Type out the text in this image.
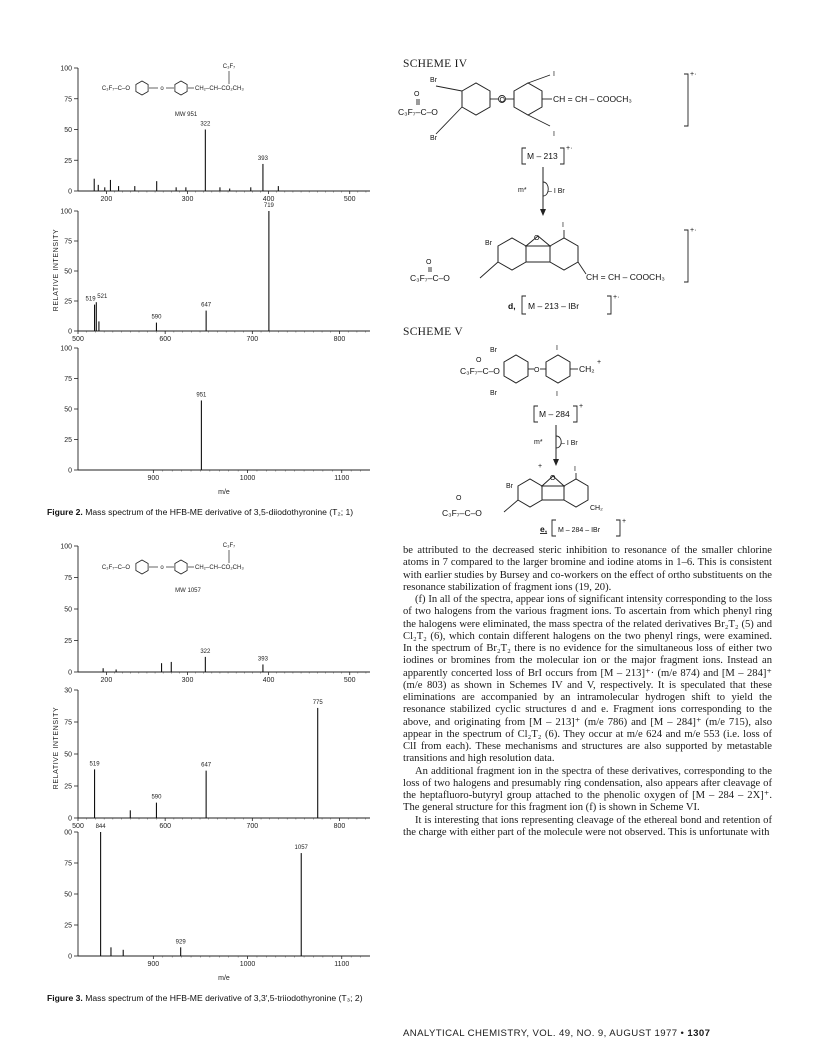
100
75
50
25
0
200	300	400	500
322
393
100
75
50
25
0
500	600	700	800
719
519 521
590
647
100
75
50
25
0
900	1000	1100
951
RELATIVE INTENSITY
m/e
MW 951
C₃F₇–C–O	o	CH₂–CH–CO₂CH₃
C₃F₇
Figure 2. Mass spectrum of the HFB-ME derivative of 3,5-diiodothyronine (T₂; 1)
100
75
50
25
0
200	300	400	500
322
393
30
75
50
25
0
500	600	700	800
775
519
590
647
00
75
50
25
0
900	1000	1100
844
1057
929
RELATIVE INTENSITY
m/e
MW 1057
C₃F₇–C–O	o	CH₂–CH–CO₂CH₃
C₃F₇
Figure 3. Mass spectrum of the HFB-ME derivative of 3,3′,5-triiodothyronine (T₃; 2)
SCHEME IV
Br
Br
O
C₃F₇–C–O
O
I
I
CH = CH – COOCH₃
+·
M – 213
+·
m*	– I Br
Br
O
I
O
C₃F₇–C–O	CH = CH – COOCH₃
+·
d, M – 213 – IBr
+·
SCHEME V
Br
Br
O
C₃F₇–C–O	O
I
I
CH₂
+
M – 284
+
m*	– I Br
+
Br
O
I
CH₂
O
C₃F₇–C–O
e, M – 284 – IBr
+

be attributed to the decreased steric inhibition to resonance of the smaller chlorine atoms in 7 compared to the larger bromine and iodine atoms in 1–6. This is consistent with earlier studies by Bursey and co-workers on the effect of ortho substituents on the resonance stabilization of fragment ions (19, 20).

(f) In all of the spectra, appear ions of significant intensity corresponding to the loss of two halogens from the various fragment ions. To ascertain from which phenyl ring the halogens were eliminated, the mass spectra of the related derivatives Br₂T₂ (5) and Cl₂T₂ (6), which contain different halogens on the two phenyl rings, were examined. In the spectrum of Br₂T₂ there is no evidence for the simultaneous loss of either two iodines or bromines from the molecular ion or the major fragment ions. Instead an apparently concerted loss of BrI occurs from [M – 213]⁺· (m/e 874) and [M – 284]⁺ (m/e 803) as shown in Schemes IV and V, respectively. It is speculated that these eliminations are accompanied by an intramolecular hydrogen shift to yield the resonance stabilized cyclic structures d and e. Fragment ions corresponding to the above, and originating from [M – 213]⁺ (m/e 786) and [M – 284]⁺ (m/e 715), also appear in the spectrum of Cl₂T₂ (6). They occur at m/e 624 and m/e 553 (i.e. loss of ClI from each). These mechanisms and structures are also supported by metastable transitions and high resolution data.

An additional fragment ion in the spectra of these derivatives, corresponding to the loss of two halogens and presumably ring condensation, also appears after cleavage of the heptafluoro-butyryl group attached to the phenolic oxygen of [M – 284 – 2X]⁺. The general structure for this fragment ion (f) is shown in Scheme VI.

It is interesting that ions representing cleavage of the ethereal bond and retention of the charge with either part of the molecule were not observed. This is unfortunate with

ANALYTICAL CHEMISTRY, VOL. 49, NO. 9, AUGUST 1977 • 1307
